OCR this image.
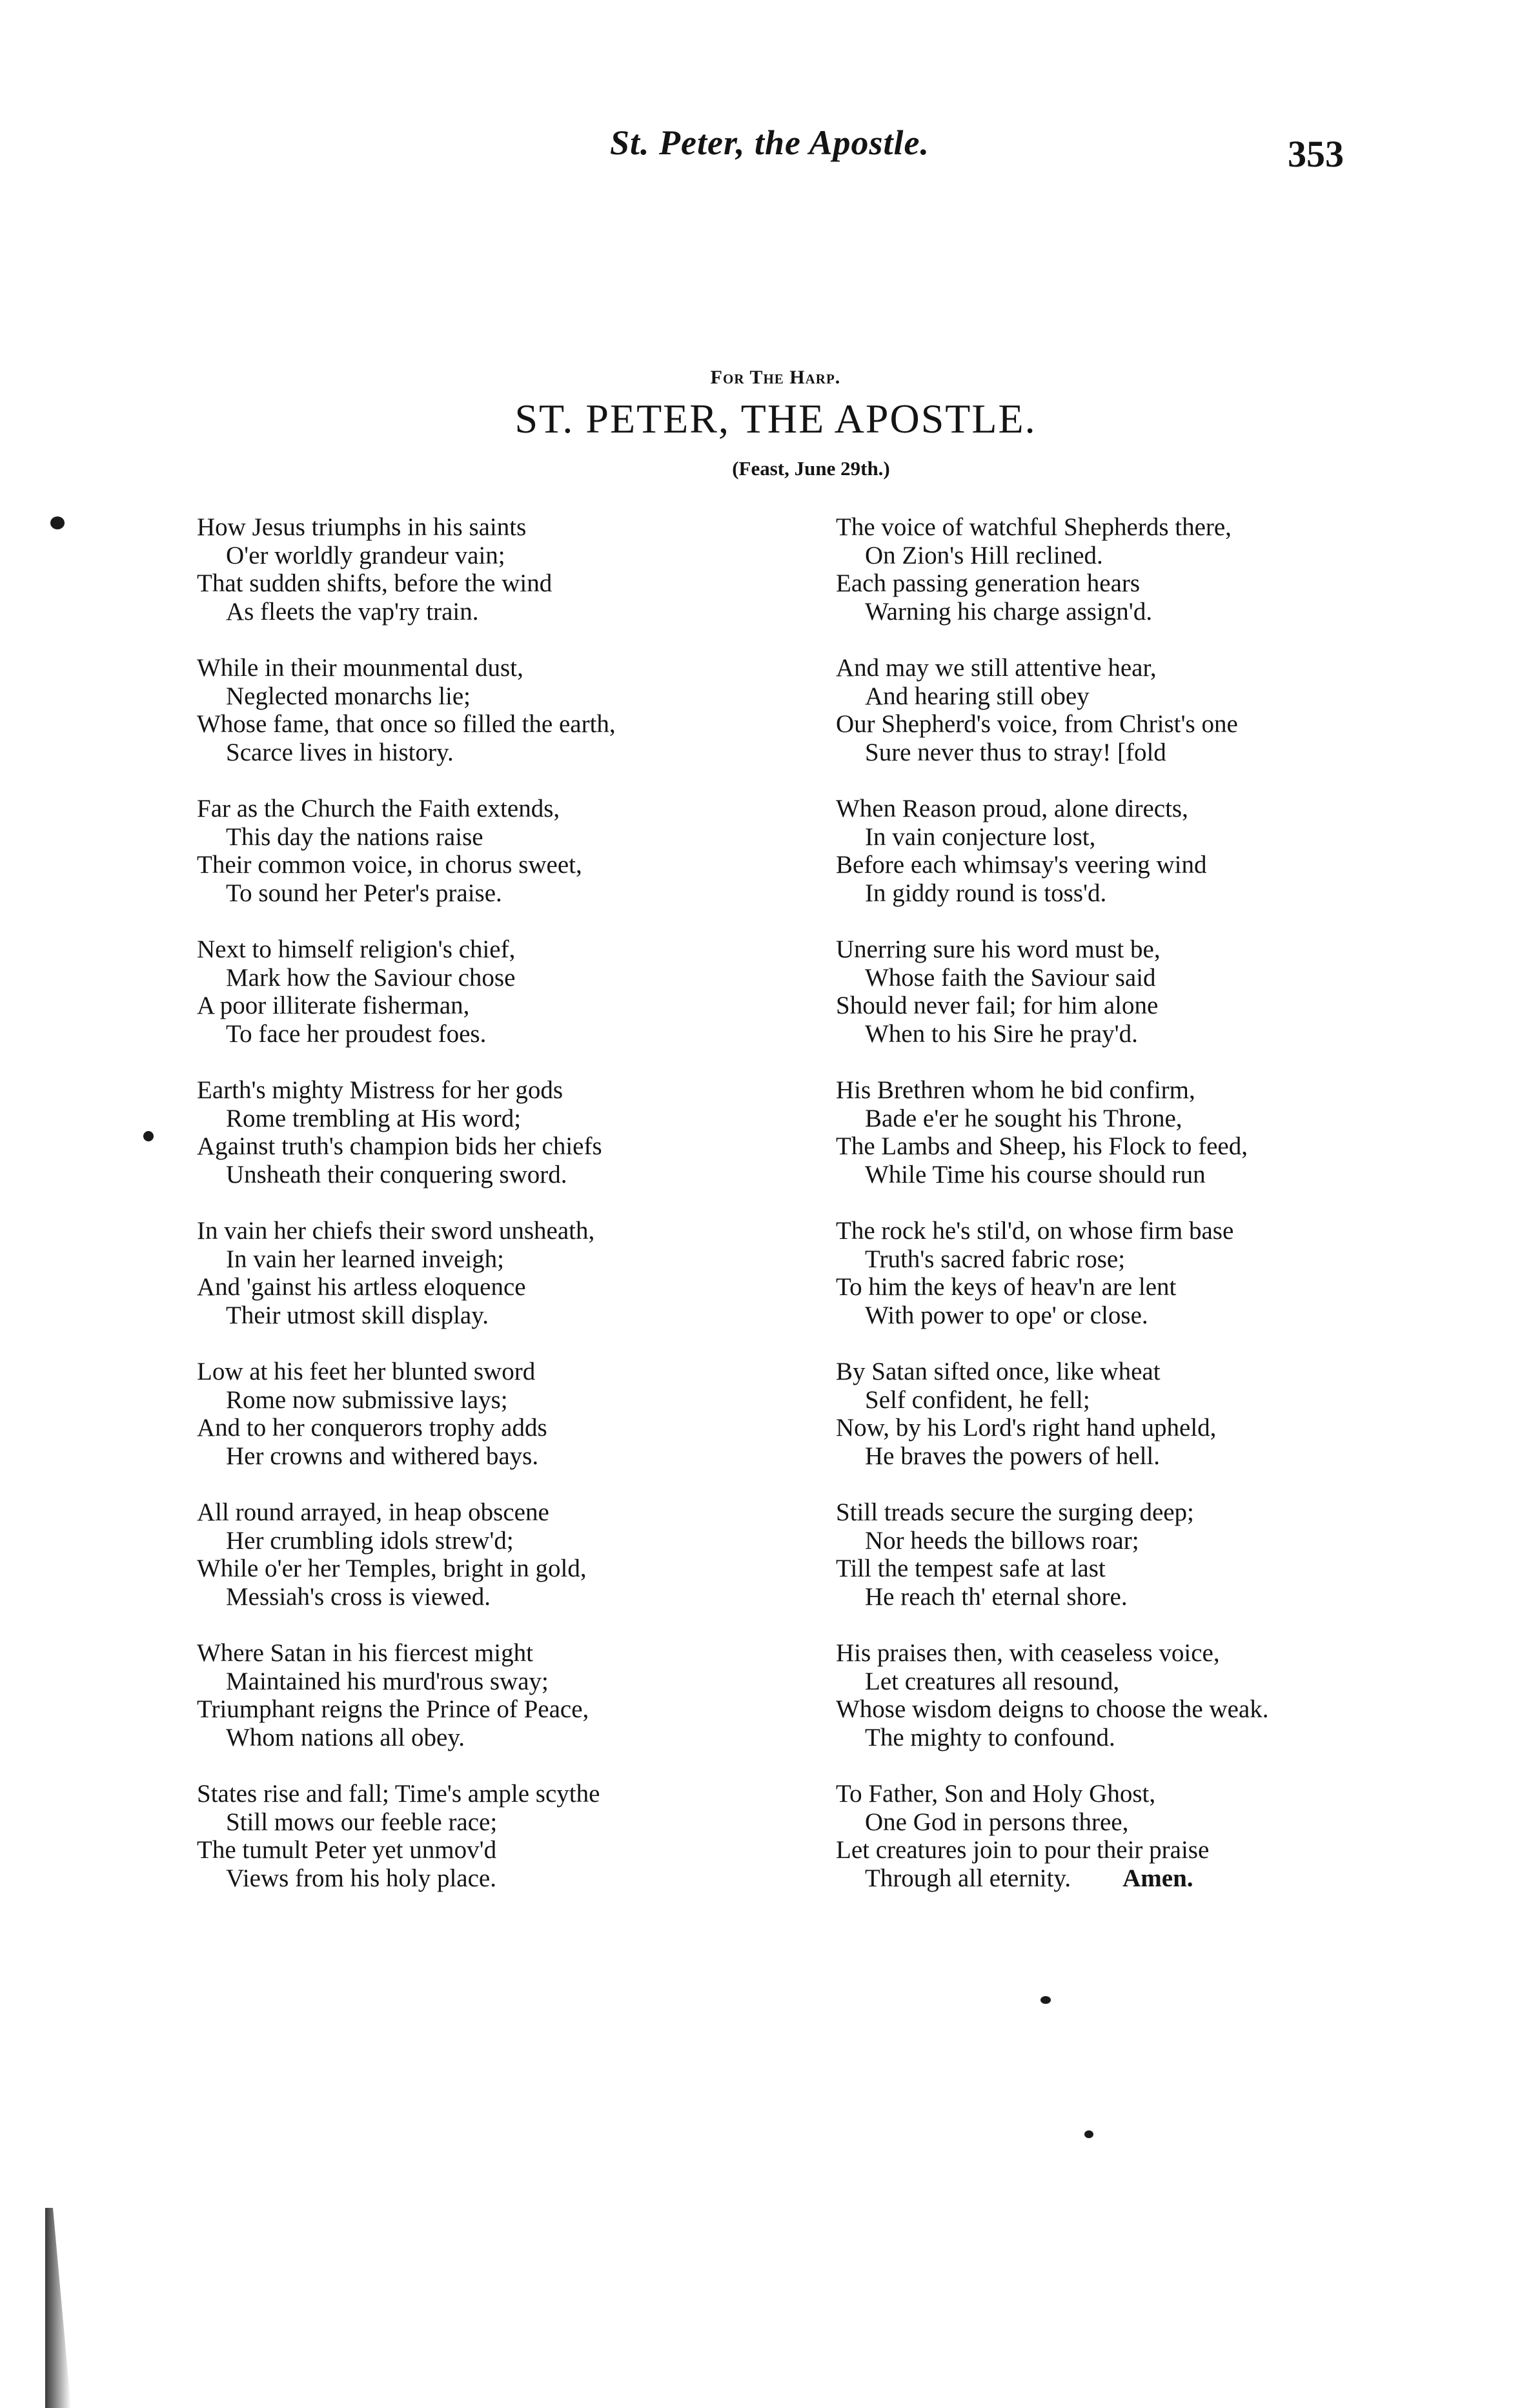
St. Peter, the Apostle.	353
For The Harp.
ST. PETER, THE APOSTLE.
(Feast, June 29th.)
How Jesus triumphs in his saints
O'er worldly grandeur vain;
That sudden shifts, before the wind
As fleets the vap'ry train.
While in their mounmental dust,
Neglected monarchs lie;
Whose fame, that once so filled the earth,
Scarce lives in history.
Far as the Church the Faith extends,
This day the nations raise
Their common voice, in chorus sweet,
To sound her Peter's praise.
Next to himself religion's chief,
Mark how the Saviour chose
A poor illiterate fisherman,
To face her proudest foes.
Earth's mighty Mistress for her gods
Rome trembling at His word;
Against truth's champion bids her chiefs
Unsheath their conquering sword.
In vain her chiefs their sword unsheath,
In vain her learned inveigh;
And 'gainst his artless eloquence
Their utmost skill display.
Low at his feet her blunted sword
Rome now submissive lays;
And to her conquerors trophy adds
Her crowns and withered bays.
All round arrayed, in heap obscene
Her crumbling idols strew'd;
While o'er her Temples, bright in gold,
Messiah's cross is viewed.
Where Satan in his fiercest might
Maintained his murd'rous sway;
Triumphant reigns the Prince of Peace,
Whom nations all obey.
States rise and fall; Time's ample scythe
Still mows our feeble race;
The tumult Peter yet unmov'd
Views from his holy place.
The voice of watchful Shepherds there,
On Zion's Hill reclined.
Each passing generation hears
Warning his charge assign'd.
And may we still attentive hear,
And hearing still obey
Our Shepherd's voice, from Christ's one
Sure never thus to stray! [fold
When Reason proud, alone directs,
In vain conjecture lost,
Before each whimsay's veering wind
In giddy round is toss'd.
Unerring sure his word must be,
Whose faith the Saviour said
Should never fail; for him alone
When to his Sire he pray'd.
His Brethren whom he bid confirm,
Bade e'er he sought his Throne,
The Lambs and Sheep, his Flock to feed,
While Time his course should run
The rock he's stil'd, on whose firm base
Truth's sacred fabric rose;
To him the keys of heav'n are lent
With power to ope' or close.
By Satan sifted once, like wheat
Self confident, he fell;
Now, by his Lord's right hand upheld,
He braves the powers of hell.
Still treads secure the surging deep;
Nor heeds the billows roar;
Till the tempest safe at last
He reach th' eternal shore.
His praises then, with ceaseless voice,
Let creatures all resound,
Whose wisdom deigns to choose the weak.
The mighty to confound.
To Father, Son and Holy Ghost,
One God in persons three,
Let creatures join to pour their praise
Through all eternity. Amen.
